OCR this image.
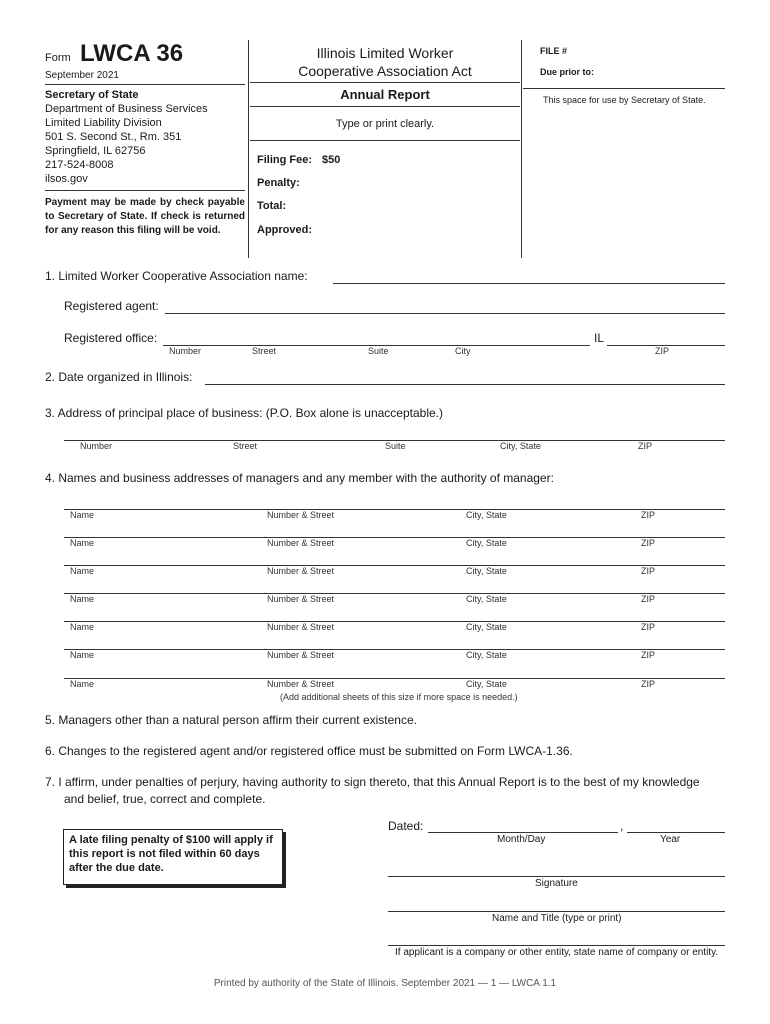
Form LWCA 36
September 2021
Secretary of State
Department of Business Services
Limited Liability Division
501 S. Second St., Rm. 351
Springfield, IL 62756
217-524-8008
ilsos.gov
Payment may be made by check payable to Secretary of State. If check is returned for any reason this filing will be void.
Illinois Limited Worker
Cooperative Association Act
Annual Report
Type or print clearly.
Filing Fee: $50
Penalty:
Total:
Approved:
FILE #
Due prior to:
This space for use by Secretary of State.
1. Limited Worker Cooperative Association name:
Registered agent:
Registered office:	IL
Number	Street	Suite	City	ZIP
2. Date organized in Illinois:
3. Address of principal place of business: (P.O. Box alone is unacceptable.)
Number	Street	Suite	City, State	ZIP
4. Names and business addresses of managers and any member with the authority of manager:
Name	Number & Street	City, State	ZIP
Name	Number & Street	City, State	ZIP
Name	Number & Street	City, State	ZIP
Name	Number & Street	City, State	ZIP
Name	Number & Street	City, State	ZIP
Name	Number & Street	City, State	ZIP
Name	Number & Street	City, State	ZIP
(Add additional sheets of this size if more space is needed.)
5. Managers other than a natural person affirm their current existence.
6. Changes to the registered agent and/or registered office must be submitted on Form LWCA-1.36.
7. I affirm, under penalties of perjury, having authority to sign thereto, that this Annual Report is to the best of my knowledge
and belief, true, correct and complete.
A late filing penalty of $100 will apply if this report is not filed within 60 days after the due date.
Dated:	,
Month/Day	Year
Signature
Name and Title (type or print)
If applicant is a company or other entity, state name of company or entity.
Printed by authority of the State of Illinois. September 2021 — 1 — LWCA 1.1
